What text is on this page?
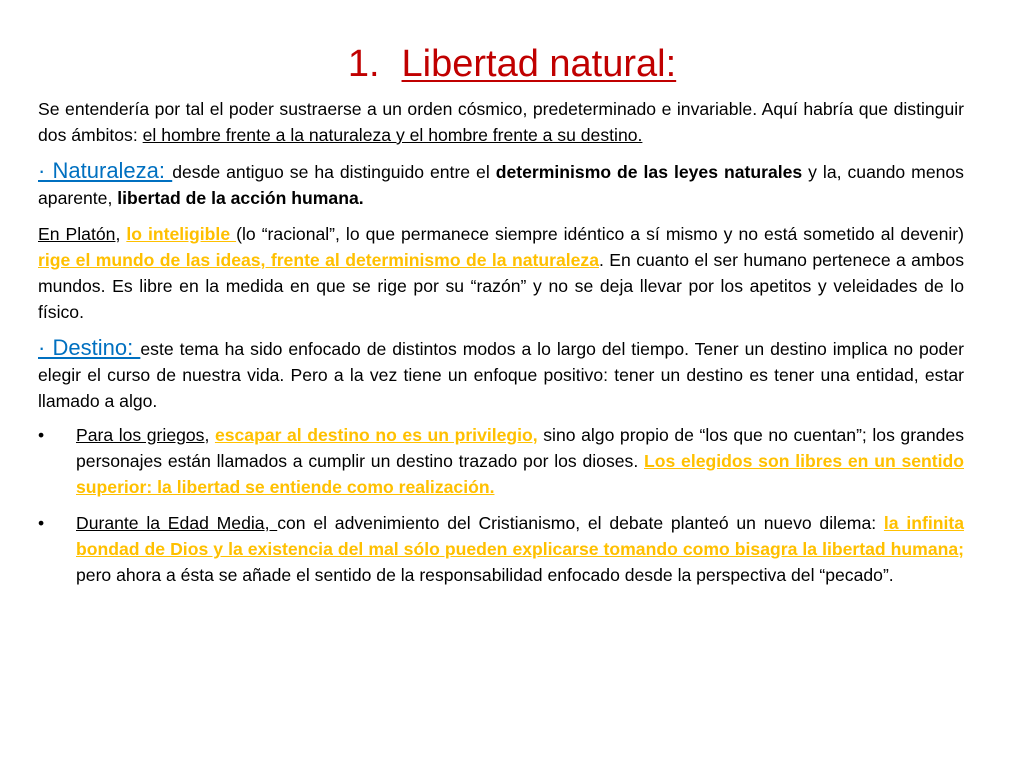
1. Libertad natural:

Se entendería por tal el poder sustraerse a un orden cósmico, predeterminado e invariable. Aquí habría que distinguir dos ámbitos: el hombre frente a la naturaleza y el hombre frente a su destino.

· Naturaleza: desde antiguo se ha distinguido entre el determinismo de las leyes naturales y la, cuando menos aparente, libertad de la acción humana.

En Platón, lo inteligible (lo “racional”, lo que permanece siempre idéntico a sí mismo y no está sometido al devenir) rige el mundo de las ideas, frente al determinismo de la naturaleza. En cuanto el ser humano pertenece a ambos mundos. Es libre en la medida en que se rige por su “razón” y no se deja llevar por los apetitos y veleidades de lo físico.

· Destino: este tema ha sido enfocado de distintos modos a lo largo del tiempo. Tener un destino implica no poder elegir el curso de nuestra vida. Pero a la vez tiene un enfoque positivo: tener un destino es tener una entidad, estar llamado a algo.

• Para los griegos, escapar al destino no es un privilegio, sino algo propio de “los que no cuentan”; los grandes personajes están llamados a cumplir un destino trazado por los dioses. Los elegidos son libres en un sentido superior: la libertad se entiende como realización.
• Durante la Edad Media, con el advenimiento del Cristianismo, el debate planteó un nuevo dilema: la infinita bondad de Dios y la existencia del mal sólo pueden explicarse tomando como bisagra la libertad humana; pero ahora a ésta se añade el sentido de la responsabilidad enfocado desde la perspectiva del “pecado”.
